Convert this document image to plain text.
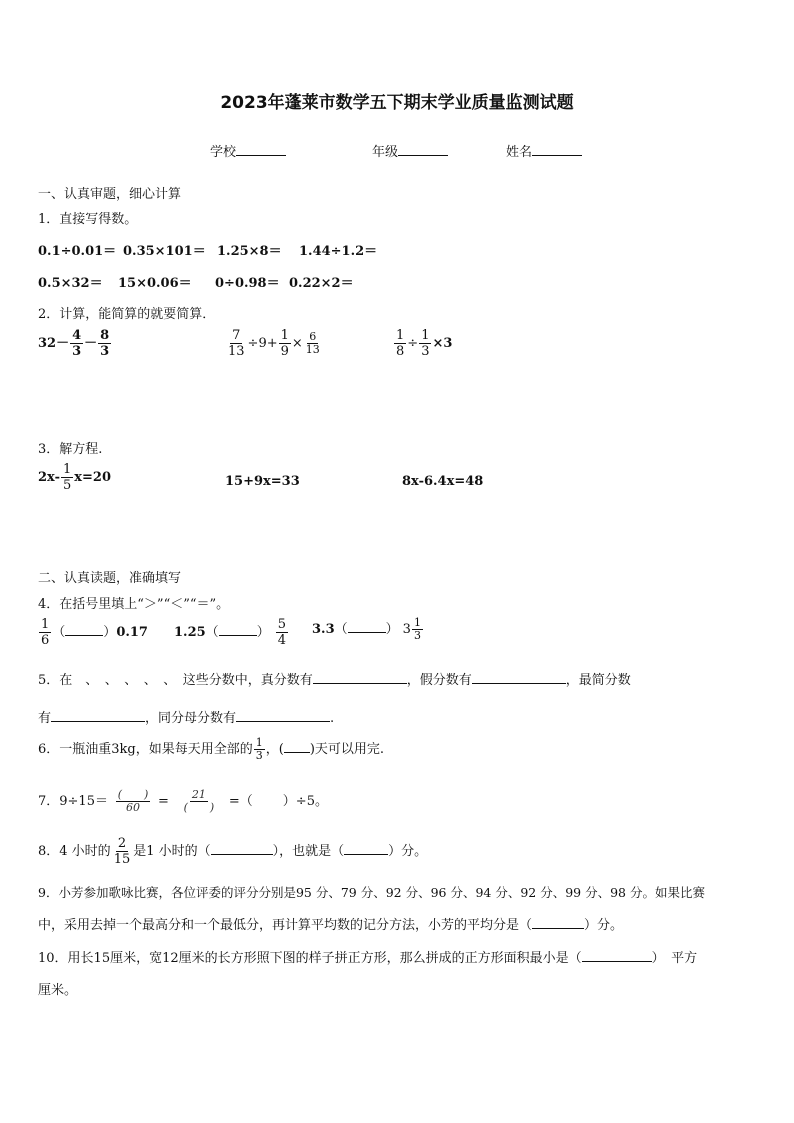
2023年蓬莱市数学五下期末学业质量监测试题
学校	年级	姓名
一、认真审题，细心计算
1．直接写得数。
0.1÷0.01＝ 0.35×101＝ 1.25×8＝ 1.44÷1.2＝
0.5×32＝ 15×0.06＝ 0÷0.98＝ 0.22×2＝
2．计算，能简算的就要简算．
$32- \frac{4}{3} - \frac{8}{3}$	$\frac{7}{13} \div 9+ \frac{1}{9} \times \frac{6}{13}$	$\frac{1}{8} \div \frac{1}{3} \times 3$
3．解方程.
$2x- \frac{1}{5} x=20$	15+9x=33	8x-6.4x=48
二、认真读题，准确填写
4．在括号里填上“＞”“＜”“＝”。
$\frac{1}{6}$ （	）0.17 1.25（	） $\frac{5}{4} 3.3$（	） $3 \frac{1}{3}$
5．在　、　、　、　、　、　这些分数中，真分数有	，假分数有	，最简分数
有	，同分母分数有	.
6．一瓶油重3kg，如果每天用全部的 $\frac{1}{3}$ ，( )天可以用完.
7．$9\div 15= \frac{( )}{60} = \frac{21}{( )}$ =（ ）÷5。
8．4 小时的 $\frac{2}{15}$ 是1 小时的（	），也就是（	）分。
9．小芳参加歌咏比赛，各位评委的评分分别是95 分、79 分、92 分、96 分、94 分、92 分、99 分、98 分。如果比赛
中，采用去掉一个最高分和一个最低分，再计算平均数的记分方法，小芳的平均分是（	）分。
10．用长15厘米，宽12厘米的长方形照下图的样子拼正方形，那么拼成的正方形面积最小是（	）　平方
厘米。
